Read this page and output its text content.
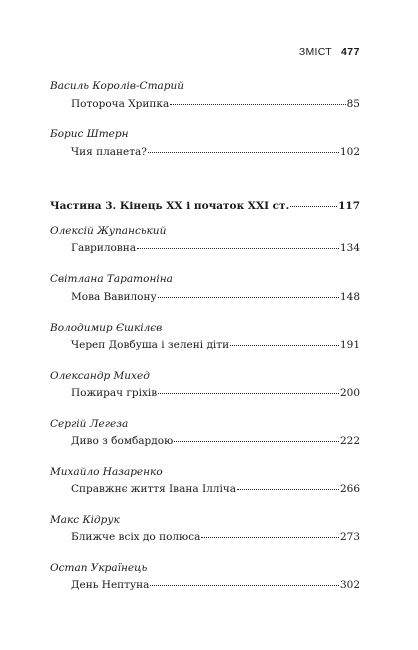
ЗМІСТ 477
Василь Королів-Старий
Потороча Хрипка	85
Борис Штерн
Чия планета?	102
Частина 3. Кінець ХХ і початок ХХІ ст.	117
Олексій Жупанський
Гавриловна	134
Світлана Таратоніна
Мова Вавилону	148
Володимир Єшкілєв
Череп Довбуша і зелені діти	191
Олександр Михед
Пожирач гріхів	200
Сергій Легеза
Диво з бомбардою	222
Михайло Назаренко
Справжнє життя Івана Ілліча	266
Макс Кідрук
Ближче всіх до полюса	273
Остап Українець
День Нептуна	302
